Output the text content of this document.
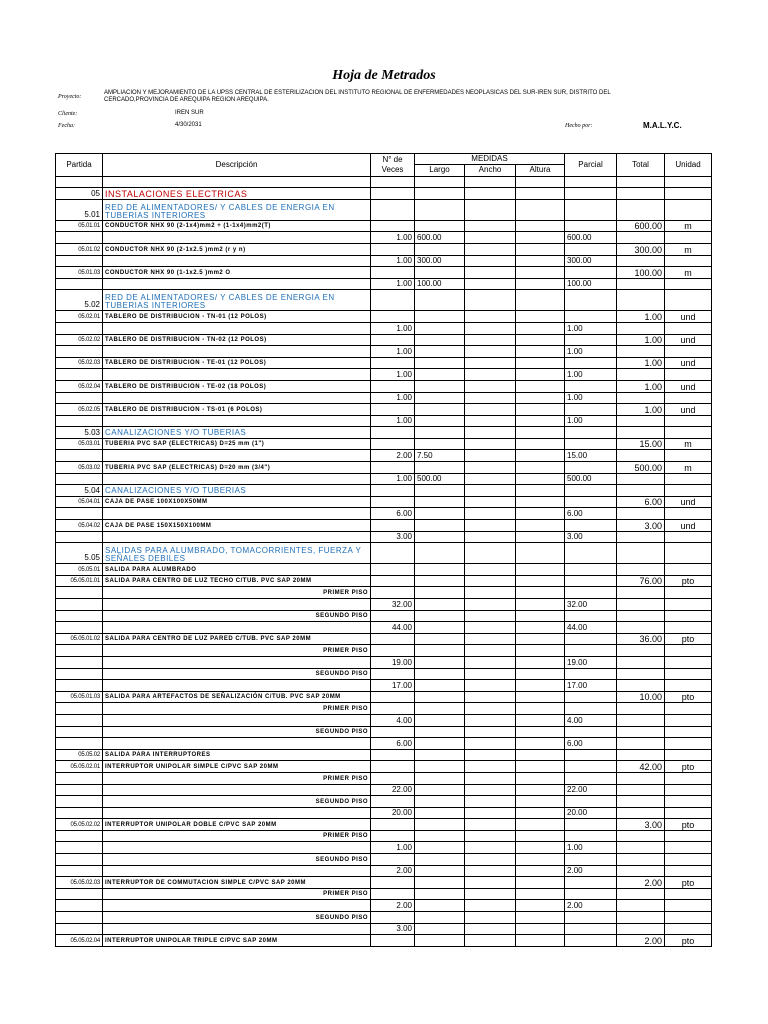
Hoja de Metrados
Proyecto:
AMPLIACION Y MEJORAMIENTO DE LA UPSS CENTRAL DE ESTERILIZACION DEL INSTITUTO REGIONAL DE ENFERMEDADES NEOPLASICAS DEL SUR-IREN SUR, DISTRITO DEL CERCADO,PROVINCIA DE AREQUIPA REGION AREQUIPA.
Cliente:	IREN SUR
Fecha:	4/30/2031	Hecho por:	M.A.L.Y.C.
Partida	Descripción	N° de Veces	MEDIDAS			Parcial	Total	Unidad
			Largo	Ancho	Altura			

05	INSTALACIONES ELECTRICAS							
5.01	RED DE ALIMENTADORES/ Y CABLES DE ENERGIA EN TUBERIAS INTERIORES							
05.01.01	CONDUCTOR NHX 90 (2-1x4)mm2 + (1-1x4)mm2(T)						600.00	m
		1.00	600.00			600.00		
05.01.02	CONDUCTOR NHX 90 (2-1x2.5 )mm2 (r y n)						300.00	m
		1.00	300.00			300.00		
05.01.03	CONDUCTOR NHX 90 (1-1x2.5 )mm2 O						100.00	m
		1.00	100.00			100.00		
5.02	RED DE ALIMENTADORES/ Y CABLES DE ENERGIA EN TUBERIAS INTERIORES							
05.02.01	TABLERO DE DISTRIBUCION - TN-01 (12 POLOS)						1.00	und
		1.00				1.00		
05.02.02	TABLERO DE DISTRIBUCION - TN-02 (12 POLOS)						1.00	und
		1.00				1.00		
05.02.03	TABLERO DE DISTRIBUCION - TE-01 (12 POLOS)						1.00	und
		1.00				1.00		
05.02.04	TABLERO DE DISTRIBUCION - TE-02 (18 POLOS)						1.00	und
		1.00				1.00		
05.02.05	TABLERO DE DISTRIBUCION - TS-01 (6 POLOS)						1.00	und
		1.00				1.00		
5.03	CANALIZACIONES Y/O TUBERIAS							
05.03.01	TUBERIA PVC SAP (ELECTRICAS) D=25 mm (1")						15.00	m
		2.00	7.50			15.00		
05.03.02	TUBERIA PVC SAP (ELECTRICAS) D=20 mm (3/4")						500.00	m
		1.00	500.00			500.00		
5.04	CANALIZACIONES Y/O TUBERIAS							
05.04.01	CAJA DE PASE 100X100X50MM						6.00	und
		6.00				6.00		
05.04.02	CAJA DE PASE 150X150X100MM						3.00	und
		3.00				3.00		
5.05	SALIDAS PARA ALUMBRADO, TOMACORRIENTES, FUERZA Y SEÑALES DEBILES							
05.05.01	SALIDA PARA ALUMBRADO							
05.05.01.01	SALIDA PARA CENTRO DE LUZ TECHO C/TUB. PVC SAP 20MM						76.00	pto
	PRIMER PISO							
		32.00				32.00		
	SEGUNDO PISO							
		44.00				44.00		
05.05.01.02	SALIDA PARA CENTRO DE LUZ PARED C/TUB. PVC SAP 20MM						36.00	pto
	PRIMER PISO							
		19.00				19.00		
	SEGUNDO PISO							
		17.00				17.00		
05.05.01.03	SALIDA PARA ARTEFACTOS DE SEÑALIZACIÓN C/TUB. PVC SAP 20MM						10.00	pto
	PRIMER PISO							
		4.00				4.00		
	SEGUNDO PISO							
		6.00				6.00		
05.05.02	SALIDA PARA INTERRUPTORES							
05.05.02.01	INTERRUPTOR UNIPOLAR SIMPLE C/PVC SAP 20MM						42.00	pto
	PRIMER PISO							
		22.00				22.00		
	SEGUNDO PISO							
		20.00				20.00		
05.05.02.02	INTERRUPTOR UNIPOLAR DOBLE C/PVC SAP 20MM						3.00	pto
	PRIMER PISO							
		1.00				1.00		
	SEGUNDO PISO							
		2.00				2.00		
05.05.02.03	INTERRUPTOR DE COMMUTACION SIMPLE C/PVC SAP 20MM						2.00	pto
	PRIMER PISO							
		2.00				2.00		
	SEGUNDO PISO							
		3.00						
05.05.02.04	INTERRUPTOR UNIPOLAR TRIPLE C/PVC SAP 20MM						2.00	pto
